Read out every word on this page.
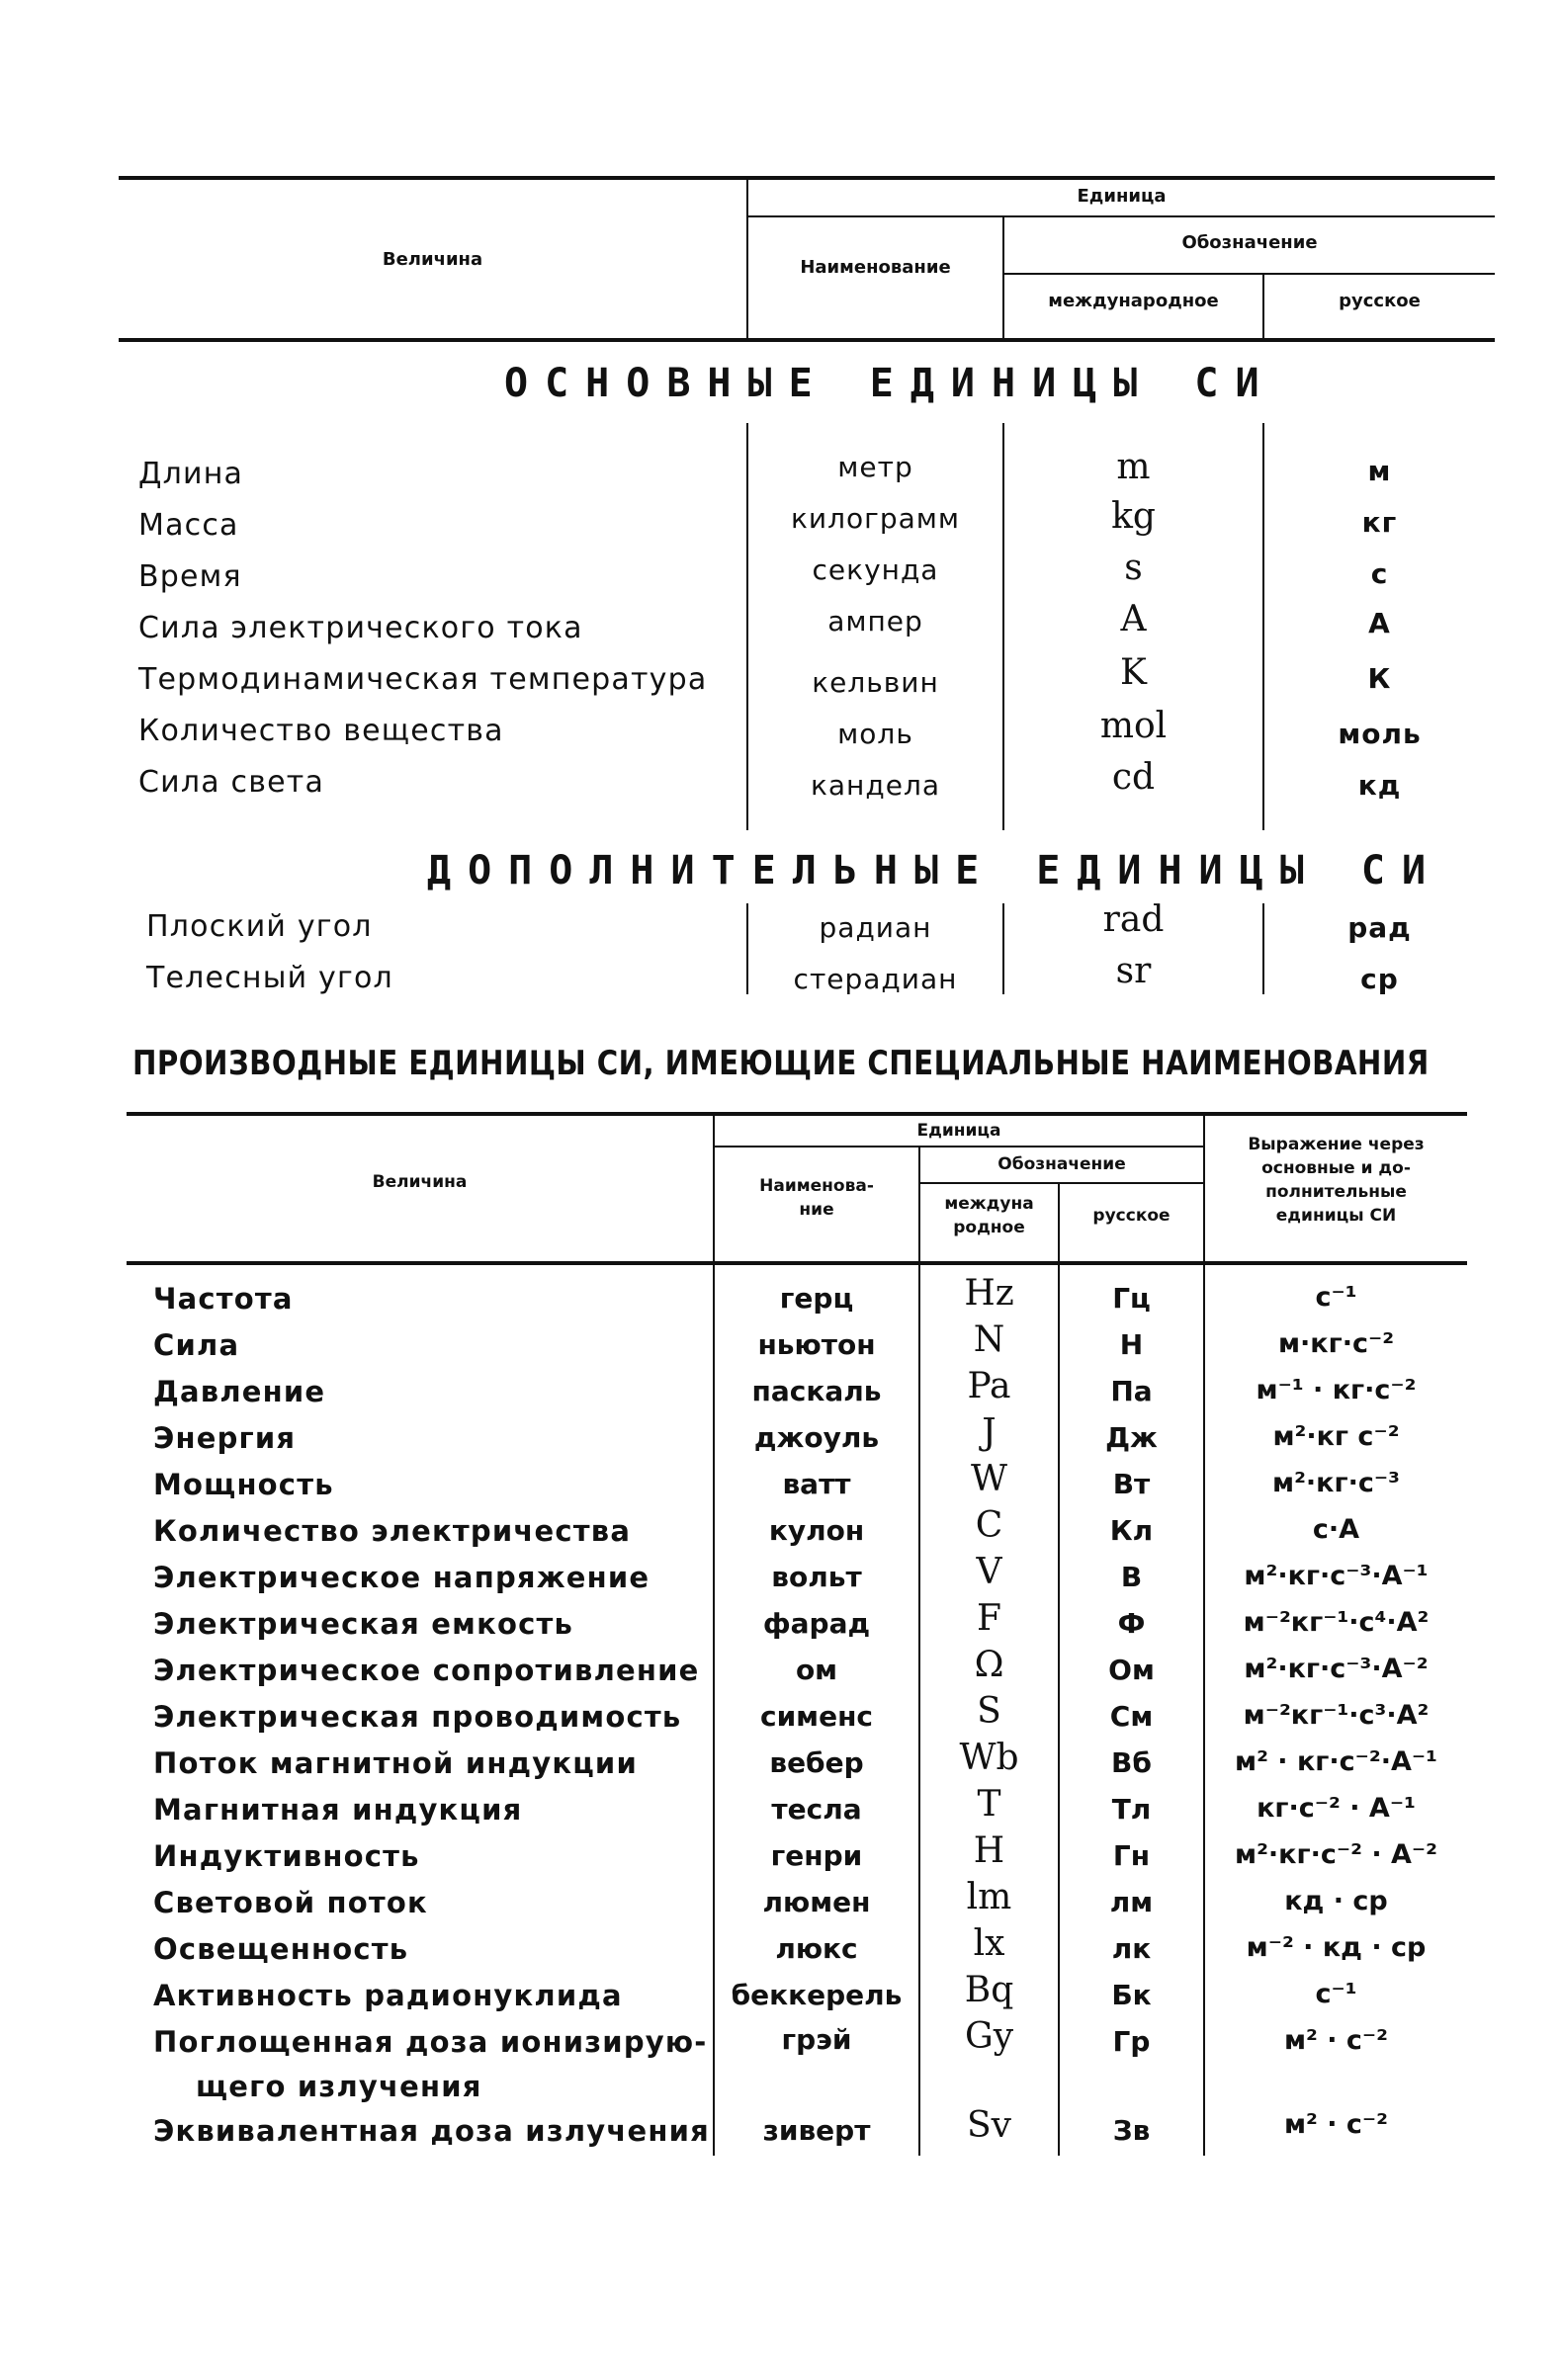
Величина
Единица
Наименование
Обозначение
международное	русское
ОСНОВНЫЕ ЕДИНИЦЫ СИ
Длина	метр	m	м
Масса	килограмм	kg	кг
Время	секунда	s	с
Сила электрического тока	ампер	A	А
Термодинамическая температура	кельвин	K	К
Количество вещества	моль	mol	моль
Сила света	кандела	cd	кд
ДОПОЛНИТЕЛЬНЫЕ ЕДИНИЦЫ СИ
Плоский угол	радиан	rad	рад
Телесный угол	стерадиан	sr	ср
ПРОИЗВОДНЫЕ ЕДИНИЦЫ СИ, ИМЕЮЩИЕ СПЕЦИАЛЬНЫЕ НАИМЕНОВАНИЯ
Величина
Единица
Наименова-
ние
Обозначение
междуна
родное
русское
Выражение через
основные и до-
полнительные
единицы СИ
Частота	герц	Hz	Гц	с⁻¹
Сила	ньютон	N	Н	м·кг·с⁻²
Давление	паскаль	Pa	Па	м⁻¹ · кг·с⁻²
Энергия	джоуль	J	Дж	м²·кг с⁻²
Мощность	ватт	W	Вт	м²·кг·с⁻³
Количество электричества	кулон	C	Кл	с·А
Электрическое напряжение	вольт	V	В	м²·кг·с⁻³·А⁻¹
Электрическая емкость	фарад	F	Ф	м⁻²кг⁻¹·с⁴·А²
Электрическое сопротивление	ом	Ω	Ом	м²·кг·с⁻³·А⁻²
Электрическая проводимость	сименс	S	См	м⁻²кг⁻¹·с³·А²
Поток магнитной индукции	вебер	Wb	Вб	м² · кг·с⁻²·А⁻¹
Магнитная индукция	тесла	T	Тл	кг·с⁻² · А⁻¹
Индуктивность	генри	H	Гн	м²·кг·с⁻² · А⁻²
Световой поток	люмен	lm	лм	кд · ср
Освещенность	люкс	lx	лк	м⁻² · кд · ср
Активность радионуклида	беккерель	Bq	Бк	с⁻¹
Поглощенная доза ионизирую-
щего излучения
грэй	Gy	Гр	м² · с⁻²
Эквивалентная доза излучения	зиверт	Sv	Зв	м² · с⁻²
